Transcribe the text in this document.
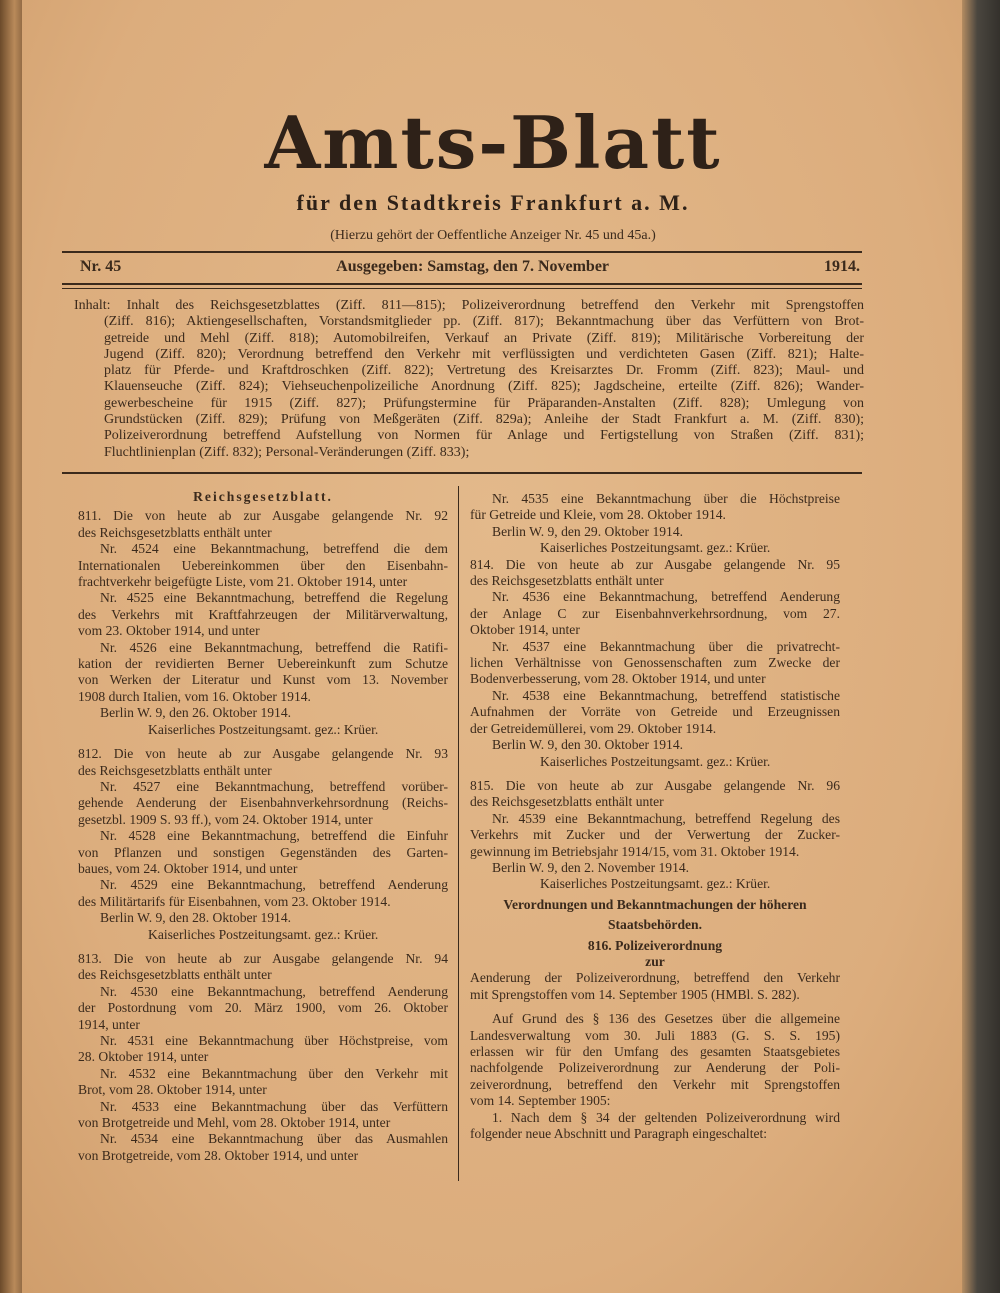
Amts-Blatt
für den Stadtkreis Frankfurt a. M.
(Hierzu gehört der Oeffentliche Anzeiger Nr. 45 und 45a.)
Nr. 45	Ausgegeben: Samstag, den 7. November	1914.
Inhalt: Inhalt des Reichsgesetzblattes (Ziff. 811—815); Polizeiverordnung betreffend den Verkehr mit Sprengstoffen
(Ziff. 816); Aktiengesellschaften, Vorstandsmitglieder pp. (Ziff. 817); Bekanntmachung über das Verfüttern von Brot-
getreide und Mehl (Ziff. 818); Automobilreifen, Verkauf an Private (Ziff. 819); Militärische Vorbereitung der
Jugend (Ziff. 820); Verordnung betreffend den Verkehr mit verflüssigten und verdichteten Gasen (Ziff. 821); Halte-
platz für Pferde- und Kraftdroschken (Ziff. 822); Vertretung des Kreisarztes Dr. Fromm (Ziff. 823); Maul- und
Klauenseuche (Ziff. 824); Viehseuchenpolizeiliche Anordnung (Ziff. 825); Jagdscheine, erteilte (Ziff. 826); Wander-
gewerbescheine für 1915 (Ziff. 827); Prüfungstermine für Präparanden-Anstalten (Ziff. 828); Umlegung von
Grundstücken (Ziff. 829); Prüfung von Meßgeräten (Ziff. 829a); Anleihe der Stadt Frankfurt a. M. (Ziff. 830);
Polizeiverordnung betreffend Aufstellung von Normen für Anlage und Fertigstellung von Straßen (Ziff. 831);
Fluchtlinienplan (Ziff. 832); Personal-Veränderungen (Ziff. 833);
Reichsgesetzblatt.
811. Die von heute ab zur Ausgabe gelangende Nr. 92
des Reichsgesetzblatts enthält unter
Nr. 4524 eine Bekanntmachung, betreffend die dem
Internationalen Uebereinkommen über den Eisenbahn-
frachtverkehr beigefügte Liste, vom 21. Oktober 1914, unter
Nr. 4525 eine Bekanntmachung, betreffend die Regelung
des Verkehrs mit Kraftfahrzeugen der Militärverwaltung,
vom 23. Oktober 1914, und unter
Nr. 4526 eine Bekanntmachung, betreffend die Ratifi-
kation der revidierten Berner Uebereinkunft zum Schutze
von Werken der Literatur und Kunst vom 13. November
1908 durch Italien, vom 16. Oktober 1914.
Berlin W. 9, den 26. Oktober 1914.
Kaiserliches Postzeitungsamt. gez.: Krüer.
812. Die von heute ab zur Ausgabe gelangende Nr. 93
des Reichsgesetzblatts enthält unter
Nr. 4527 eine Bekanntmachung, betreffend vorüber-
gehende Aenderung der Eisenbahnverkehrsordnung (Reichs-
gesetzbl. 1909 S. 93 ff.), vom 24. Oktober 1914, unter
Nr. 4528 eine Bekanntmachung, betreffend die Einfuhr
von Pflanzen und sonstigen Gegenständen des Garten-
baues, vom 24. Oktober 1914, und unter
Nr. 4529 eine Bekanntmachung, betreffend Aenderung
des Militärtarifs für Eisenbahnen, vom 23. Oktober 1914.
Berlin W. 9, den 28. Oktober 1914.
Kaiserliches Postzeitungsamt. gez.: Krüer.
813. Die von heute ab zur Ausgabe gelangende Nr. 94
des Reichsgesetzblatts enthält unter
Nr. 4530 eine Bekanntmachung, betreffend Aenderung
der Postordnung vom 20. März 1900, vom 26. Oktober
1914, unter
Nr. 4531 eine Bekanntmachung über Höchstpreise, vom
28. Oktober 1914, unter
Nr. 4532 eine Bekanntmachung über den Verkehr mit
Brot, vom 28. Oktober 1914, unter
Nr. 4533 eine Bekanntmachung über das Verfüttern
von Brotgetreide und Mehl, vom 28. Oktober 1914, unter
Nr. 4534 eine Bekanntmachung über das Ausmahlen
von Brotgetreide, vom 28. Oktober 1914, und unter
Nr. 4535 eine Bekanntmachung über die Höchstpreise
für Getreide und Kleie, vom 28. Oktober 1914.
Berlin W. 9, den 29. Oktober 1914.
Kaiserliches Postzeitungsamt. gez.: Krüer.
814. Die von heute ab zur Ausgabe gelangende Nr. 95
des Reichsgesetzblatts enthält unter
Nr. 4536 eine Bekanntmachung, betreffend Aenderung
der Anlage C zur Eisenbahnverkehrsordnung, vom 27.
Oktober 1914, unter
Nr. 4537 eine Bekanntmachung über die privatrecht-
lichen Verhältnisse von Genossenschaften zum Zwecke der
Bodenverbesserung, vom 28. Oktober 1914, und unter
Nr. 4538 eine Bekanntmachung, betreffend statistische
Aufnahmen der Vorräte von Getreide und Erzeugnissen
der Getreidemüllerei, vom 29. Oktober 1914.
Berlin W. 9, den 30. Oktober 1914.
Kaiserliches Postzeitungsamt. gez.: Krüer.
815. Die von heute ab zur Ausgabe gelangende Nr. 96
des Reichsgesetzblatts enthält unter
Nr. 4539 eine Bekanntmachung, betreffend Regelung des
Verkehrs mit Zucker und der Verwertung der Zucker-
gewinnung im Betriebsjahr 1914/15, vom 31. Oktober 1914.
Berlin W. 9, den 2. November 1914.
Kaiserliches Postzeitungsamt. gez.: Krüer.
Verordnungen und Bekanntmachungen der höheren
Staatsbehörden.
816. Polizeiverordnung
zur
Aenderung der Polizeiverordnung, betreffend den Verkehr
mit Sprengstoffen vom 14. September 1905 (HMBl. S. 282).
Auf Grund des § 136 des Gesetzes über die allgemeine
Landesverwaltung vom 30. Juli 1883 (G. S. S. 195)
erlassen wir für den Umfang des gesamten Staatsgebietes
nachfolgende Polizeiverordnung zur Aenderung der Poli-
zeiverordnung, betreffend den Verkehr mit Sprengstoffen
vom 14. September 1905:
1. Nach dem § 34 der geltenden Polizeiverordnung wird
folgender neue Abschnitt und Paragraph eingeschaltet:
